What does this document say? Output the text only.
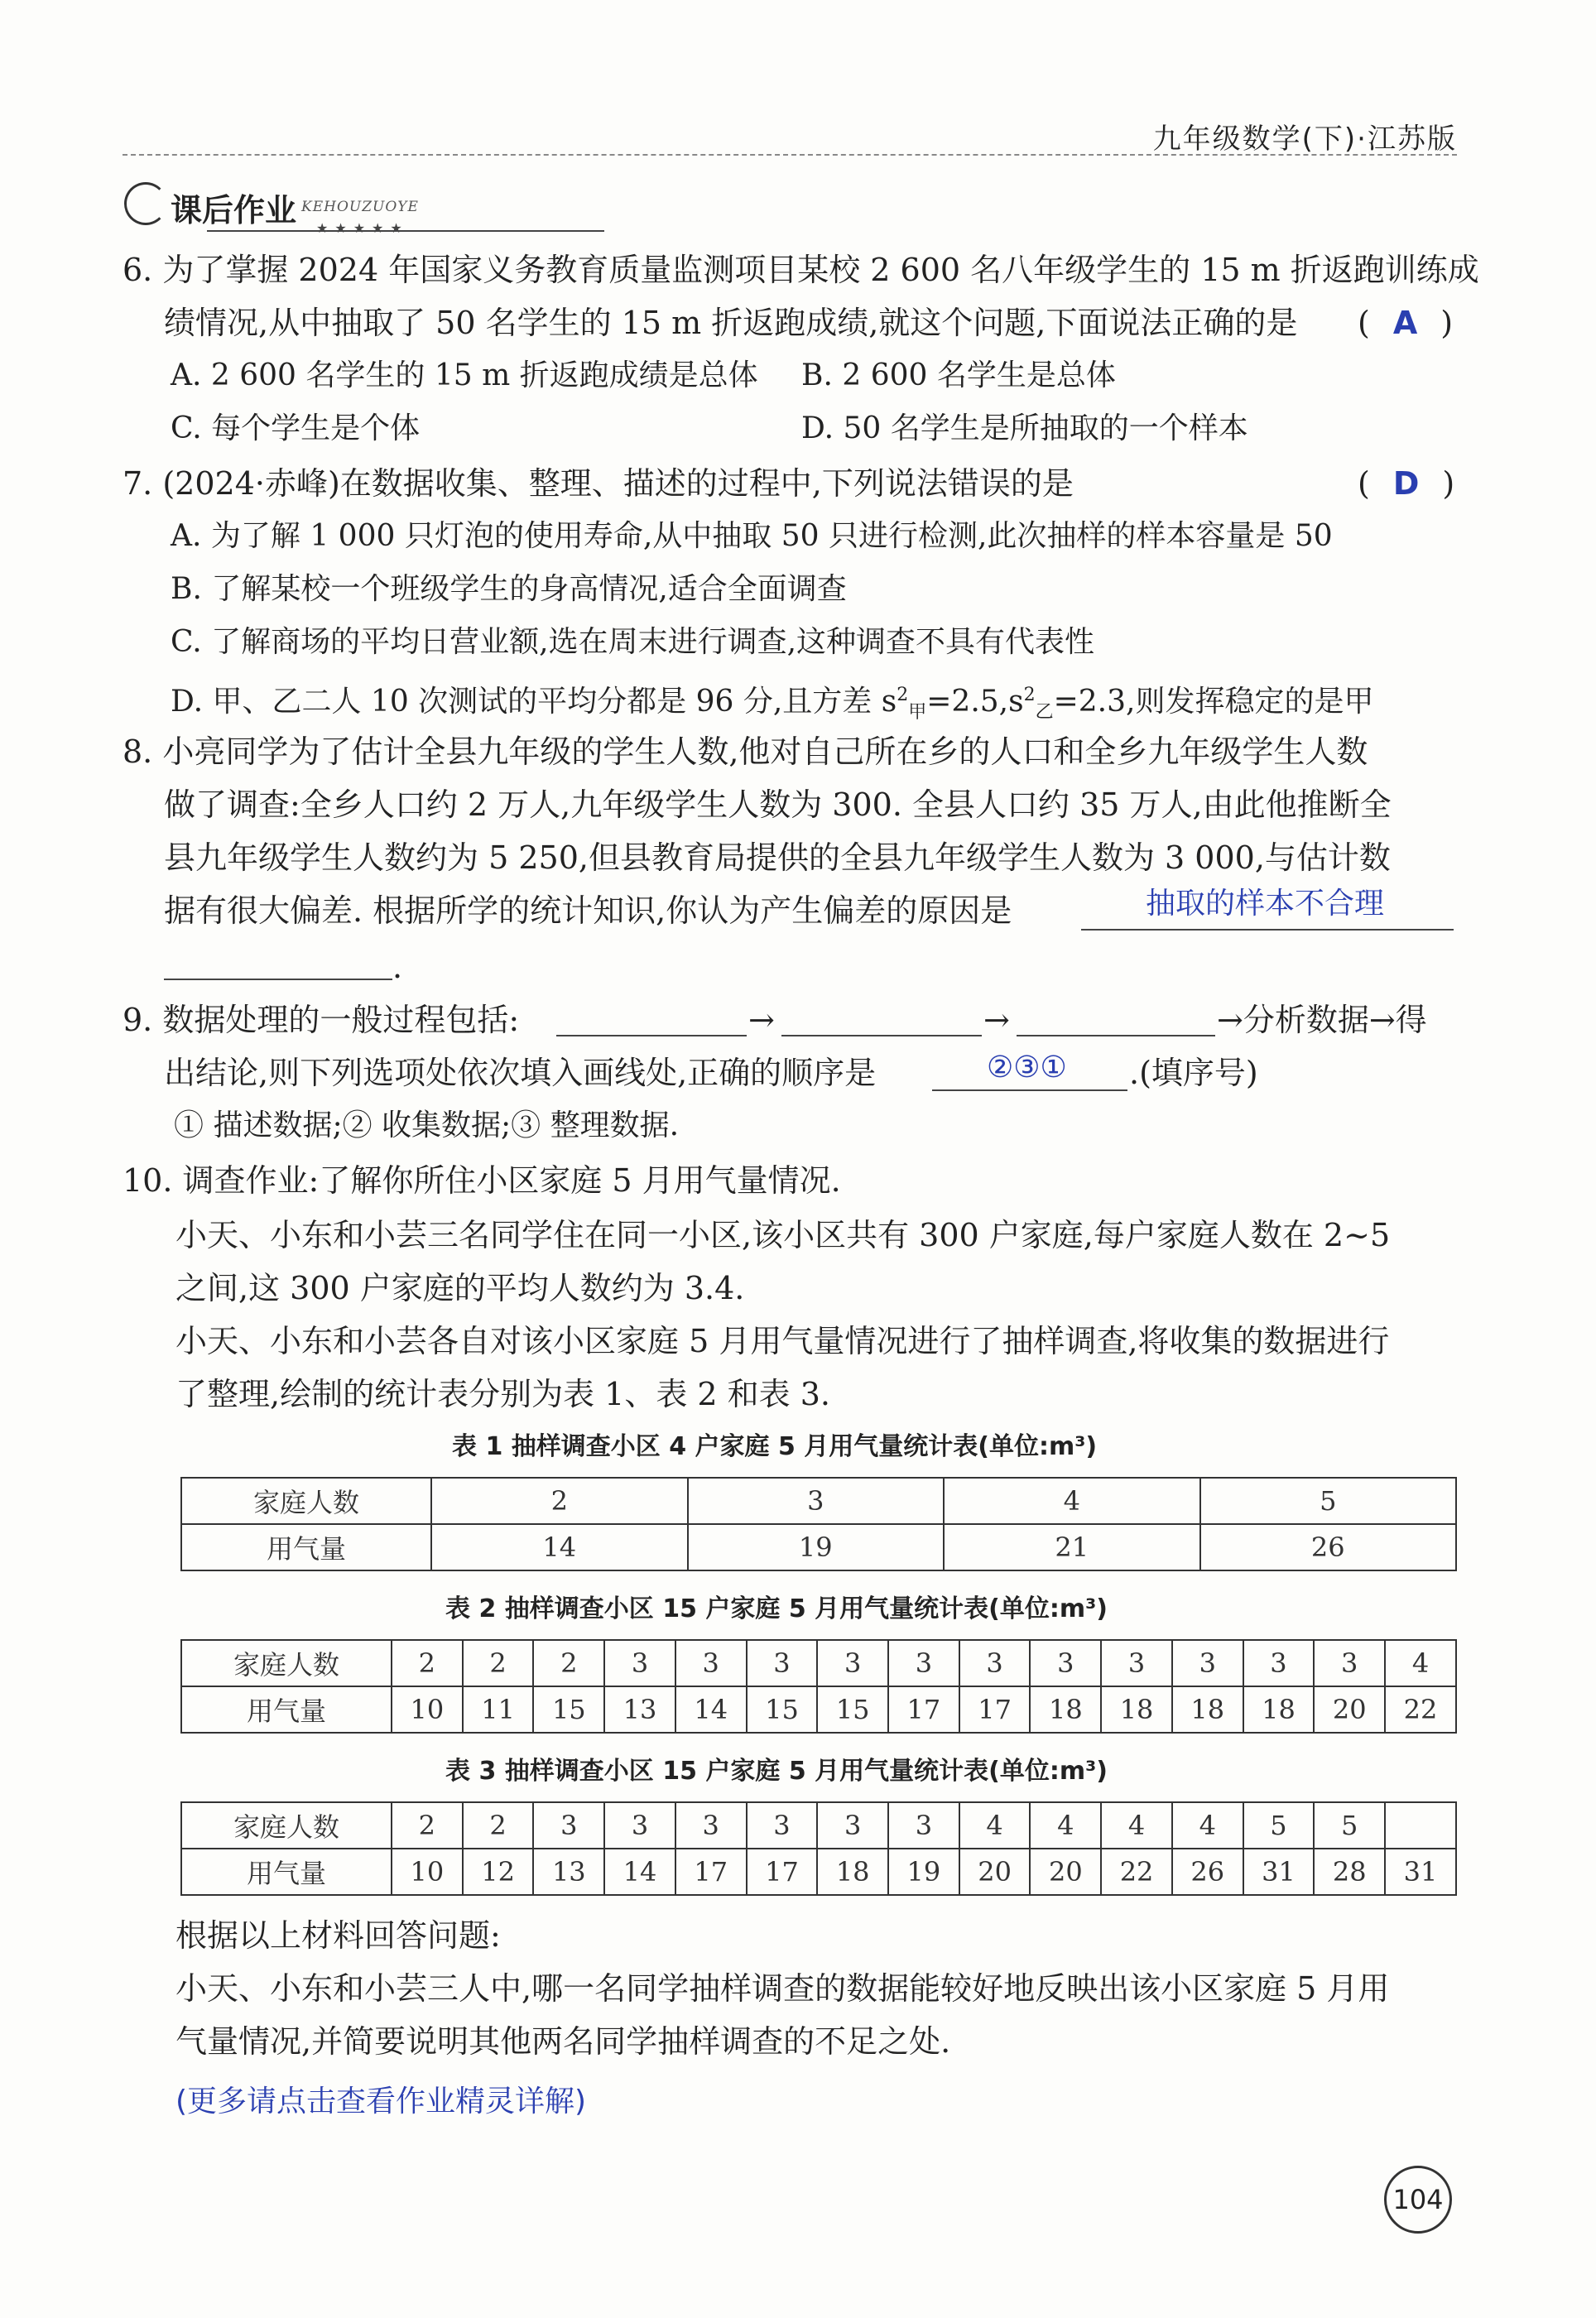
九年级数学(下)·江苏版
课后作业 KEHOUZUOYE
★★★★★
6. 为了掌握 2024 年国家义务教育质量监测项目某校 2 600 名八年级学生的 15 m 折返跑训练成
绩情况,从中抽取了 50 名学生的 15 m 折返跑成绩,就这个问题,下面说法正确的是 ( A )
A. 2 600 名学生的 15 m 折返跑成绩是总体 B. 2 600 名学生是总体
C. 每个学生是个体	D. 50 名学生是所抽取的一个样本
7. (2024·赤峰)在数据收集、整理、描述的过程中,下列说法错误的是	( D )
A. 为了解 1 000 只灯泡的使用寿命,从中抽取 50 只进行检测,此次抽样的样本容量是 50
B. 了解某校一个班级学生的身高情况,适合全面调查
C. 了解商场的平均日营业额,选在周末进行调查,这种调查不具有代表性
D. 甲、乙二人 10 次测试的平均分都是 96 分,且方差 $s^2_甲=2.5,s^2_乙=2.3$,则发挥稳定的是甲
8. 小亮同学为了估计全县九年级的学生人数,他对自己所在乡的人口和全乡九年级学生人数
做了调查:全乡人口约 2 万人,九年级学生人数为 300. 全县人口约 35 万人,由此他推断全
县九年级学生人数约为 5 250,但县教育局提供的全县九年级学生人数为 3 000,与估计数
据有很大偏差. 根据所学的统计知识,你认为产生偏差的原因是	抽取的样本不合理
.
9. 数据处理的一般过程包括:	→	→	→分析数据→得
出结论,则下列选项处依次填入画线处,正确的顺序是	②③① .(填序号)
① 描述数据;② 收集数据;③ 整理数据.
10. 调查作业:了解你所住小区家庭 5 月用气量情况.
小天、小东和小芸三名同学住在同一小区,该小区共有 300 户家庭,每户家庭人数在 2~5
之间,这 300 户家庭的平均人数约为 3.4.
小天、小东和小芸各自对该小区家庭 5 月用气量情况进行了抽样调查,将收集的数据进行
了整理,绘制的统计表分别为表 1、表 2 和表 3.
表 1 抽样调查小区 4 户家庭 5 月用气量统计表(单位:m³)
家庭人数	2	3	4	5
用气量	14	19	21	26
表 2 抽样调查小区 15 户家庭 5 月用气量统计表(单位:m³)
家庭人数	2	2	2	3	3	3	3	3	3	3	3	3	3	3	4
用气量	10	11	15	13	14	15	15	17	17	18	18	18	18	20	22
表 3 抽样调查小区 15 户家庭 5 月用气量统计表(单位:m³)
家庭人数	2	2	3	3	3	3	3	3	4	4	4	4	5	5	
用气量	10	12	13	14	17	17	18	19	20	20	22	26	31	28	31
根据以上材料回答问题:
小天、小东和小芸三人中,哪一名同学抽样调查的数据能较好地反映出该小区家庭 5 月用
气量情况,并简要说明其他两名同学抽样调查的不足之处.
(更多请点击查看作业精灵详解)
104
